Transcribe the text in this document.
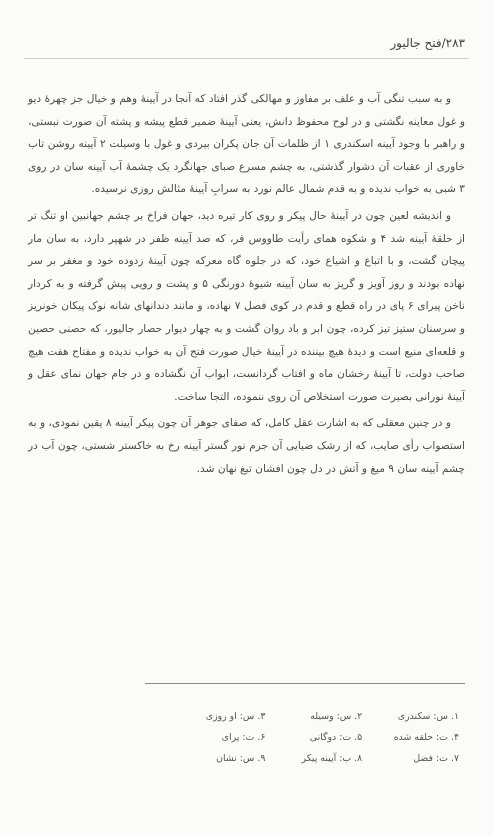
۲۸۳/فتح جالیور

و به سبب تنگی آب و علف بر مفاوز و مهالکی گذر افتاد که آنجا در آیینهٔ وهم و خیال جز چهرهٔ دیو و غول معاینه نگشتی و در لوح محفوظ دانش، یعنی آیینهٔ ضمیر قطع پیشه و پشته آن صورت نبستی، و راهبر با وجود آیینه اسکندری ۱ از ظلمات آن جان پکران بیردی و غول با وسیلت ۲ آیینه روشن تاب خاوری از عقبات آن دشوار گذشتی، به چشم مسرع صبای جهانگرد یک چشمهٔ آب آیینه سان در روی ۳ شبی به خواب ندیده و به قدم شمال عالم نورد به سرابِ آیینهٔ مثالش روزی نرسیده.

و اندیشه لعین چون در آیینهٔ حال پیکر و روی کار تیره دید، جهان فراخ بر چشم جهانبین او تنگ تر از حلقهٔ آیینه شد ۴ و شکوه همای رأیت طاووس فر، که صد آیینه ظفر در شهپر دارد، به سان مار پیچان گشت، و با اتباع و اشیاع خود، که در جلوه گاه معرکه چون آیینهٔ زدوده خود و مغفر بر سر نهاده بودند و روز آویز و گریز به سان آیینه شیوهٔ دورنگی ۵ و پشت و رویی پیش گرفته و به کردار ناخن پیرای ۶ پای در راه قطع و قدم در کوی فصل ۷ نهاده، و مانند دندانهای شانه نوک پیکان خونریز و سرسنان ستیز تیز کرده، چون ابر و باد روان گشت و به چهار دیوار حصار جالیور، که حصنی حصین و قلعه‌ای منیع است و دیدهٔ هیچ بیننده در آیینهٔ خیال صورت فتح آن به خواب ندیده و مفتاح هفت هیچ صاحب دولت، تا آیینهٔ رخشان ماه و افتاب گردانست، ابواب آن نگشاده و در جام جهان نمای عقل و آیینهٔ نورانی بصیرت صورت استخلاص آن روی ننموده، التجا ساخت.

و در چنین معقلی که به اشارت عقل کامل، که صفای جوهر آن چون پیکر آیینه ۸ یقین نمودی، و به استصواب رأی صایب، که از رشک ضیایی آن جرم نور گستر آیینه رخ به خاکستر شستی، چون آب در چشم آیینه سان ۹ میغ و آتش در دل چون افشان تیغ نهان شد.

۱. س: سکندری
۲. س: وسیله
۳. س: او روزی
۴. ت: حلقه شده
۵. ت: دوگانی
۶. ت: پرای
۷. ت: فضل
۸. ب: آیینه پیکر
۹. س: نشان
